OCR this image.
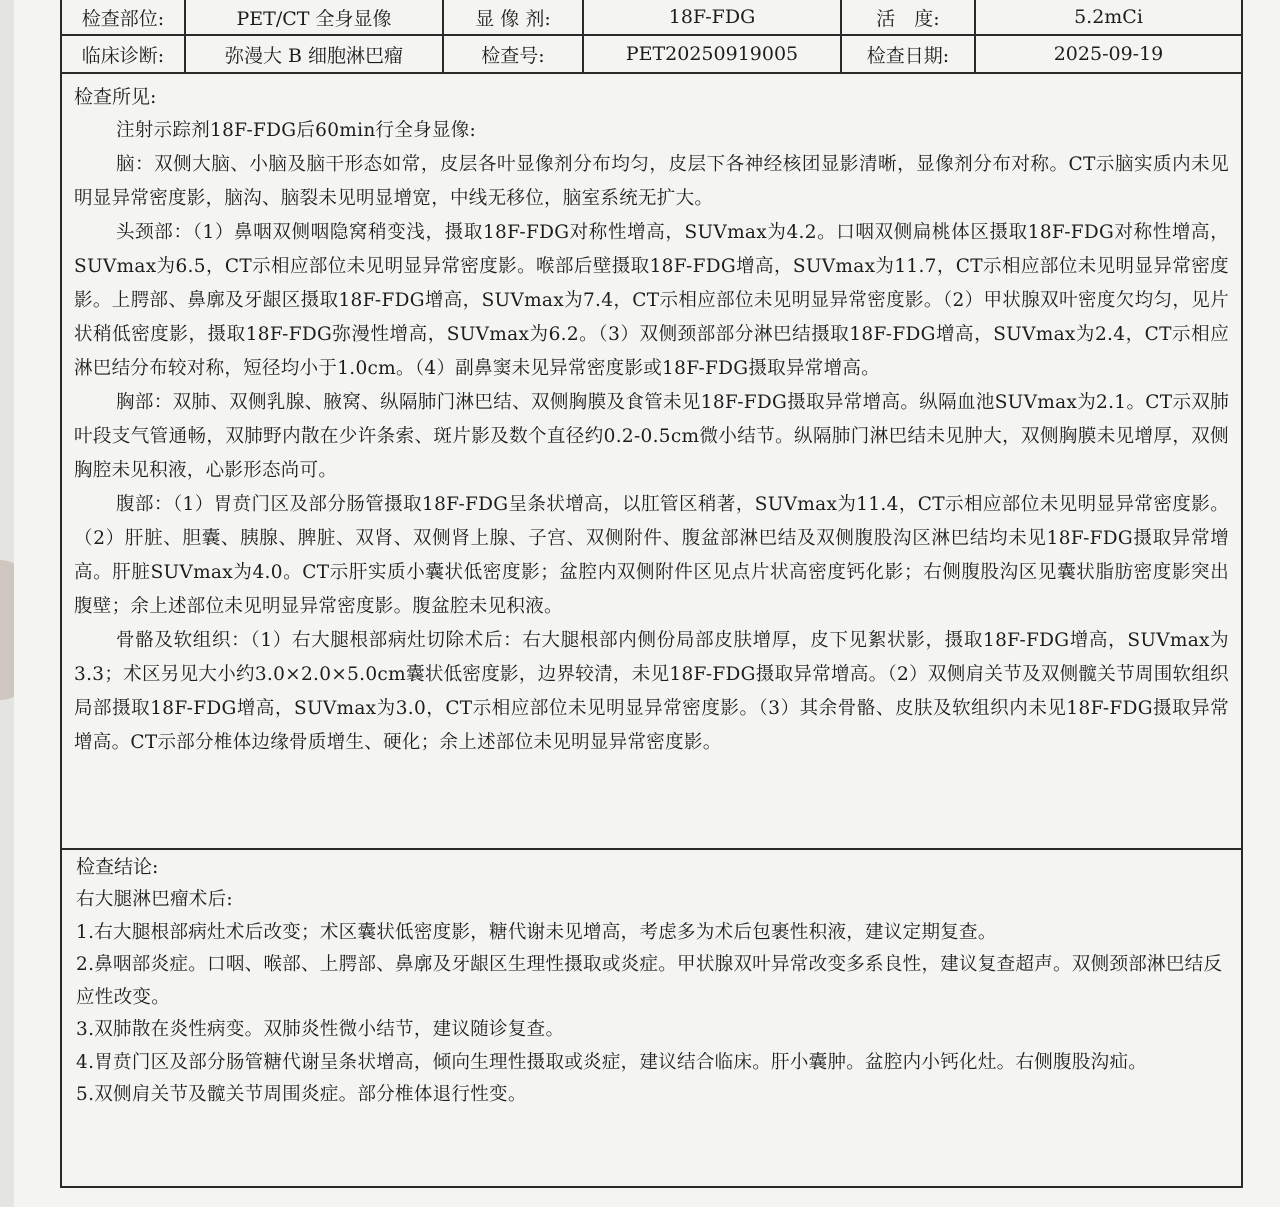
检查部位:	PET/CT 全身显像	显 像 剂:	18F-FDG	活　度:	5.2mCi
临床诊断:	弥漫大 B 细胞淋巴瘤	检查号:	PET20250919005	检查日期:	2025-09-19
检查所见:

注射示踪剂18F-FDG后60min行全身显像:

脑：双侧大脑、小脑及脑干形态如常，皮层各叶显像剂分布均匀，皮层下各神经核团显影清晰，显像剂分布对称。CT示脑实质内未见明显异常密度影，脑沟、脑裂未见明显增宽，中线无移位，脑室系统无扩大。

头颈部：（1）鼻咽双侧咽隐窝稍变浅，摄取18F-FDG对称性增高，SUVmax为4.2。口咽双侧扁桃体区摄取18F-FDG对称性增高，SUVmax为6.5，CT示相应部位未见明显异常密度影。喉部后壁摄取18F-FDG增高，SUVmax为11.7，CT示相应部位未见明显异常密度影。上腭部、鼻廓及牙龈区摄取18F-FDG增高，SUVmax为7.4，CT示相应部位未见明显异常密度影。（2）甲状腺双叶密度欠均匀，见片状稍低密度影，摄取18F-FDG弥漫性增高，SUVmax为6.2。（3）双侧颈部部分淋巴结摄取18F-FDG增高，SUVmax为2.4，CT示相应淋巴结分布较对称，短径均小于1.0cm。（4）副鼻窦未见异常密度影或18F-FDG摄取异常增高。

胸部：双肺、双侧乳腺、腋窝、纵隔肺门淋巴结、双侧胸膜及食管未见18F-FDG摄取异常增高。纵隔血池SUVmax为2.1。CT示双肺叶段支气管通畅，双肺野内散在少许条索、斑片影及数个直径约0.2-0.5cm微小结节。纵隔肺门淋巴结未见肿大，双侧胸膜未见增厚，双侧胸腔未见积液，心影形态尚可。

腹部：（1）胃贲门区及部分肠管摄取18F-FDG呈条状增高，以肛管区稍著，SUVmax为11.4，CT示相应部位未见明显异常密度影。（2）肝脏、胆囊、胰腺、脾脏、双肾、双侧肾上腺、子宫、双侧附件、腹盆部淋巴结及双侧腹股沟区淋巴结均未见18F-FDG摄取异常增高。肝脏SUVmax为4.0。CT示肝实质小囊状低密度影；盆腔内双侧附件区见点片状高密度钙化影；右侧腹股沟区见囊状脂肪密度影突出腹壁；余上述部位未见明显异常密度影。腹盆腔未见积液。

骨骼及软组织：（1）右大腿根部病灶切除术后：右大腿根部内侧份局部皮肤增厚，皮下见絮状影，摄取18F-FDG增高，SUVmax为3.3；术区另见大小约3.0×2.0×5.0cm囊状低密度影，边界较清，未见18F-FDG摄取异常增高。（2）双侧肩关节及双侧髋关节周围软组织局部摄取18F-FDG增高，SUVmax为3.0，CT示相应部位未见明显异常密度影。（3）其余骨骼、皮肤及软组织内未见18F-FDG摄取异常增高。CT示部分椎体边缘骨质增生、硬化；余上述部位未见明显异常密度影。

检查结论:

右大腿淋巴瘤术后:

1.右大腿根部病灶术后改变；术区囊状低密度影，糖代谢未见增高，考虑多为术后包裹性积液，建议定期复查。

2.鼻咽部炎症。口咽、喉部、上腭部、鼻廓及牙龈区生理性摄取或炎症。甲状腺双叶异常改变多系良性，建议复查超声。双侧颈部淋巴结反应性改变。

3.双肺散在炎性病变。双肺炎性微小结节，建议随诊复查。

4.胃贲门区及部分肠管糖代谢呈条状增高，倾向生理性摄取或炎症，建议结合临床。肝小囊肿。盆腔内小钙化灶。右侧腹股沟疝。

5.双侧肩关节及髋关节周围炎症。部分椎体退行性变。
